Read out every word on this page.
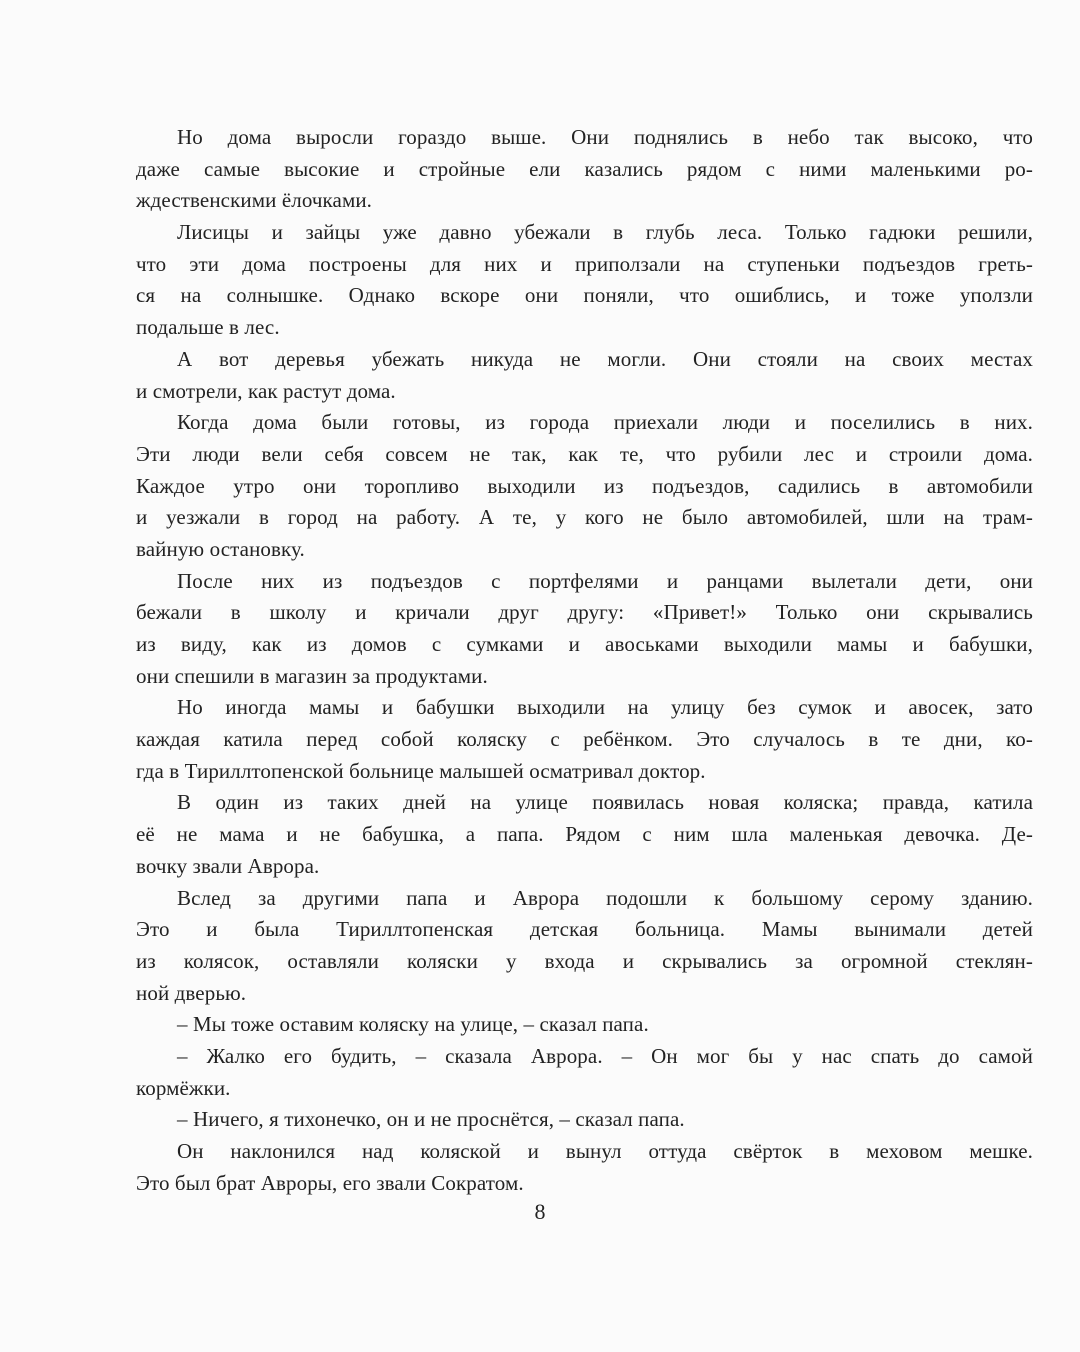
Но дома выросли гораздо выше. Они поднялись в небо так высоко, что
даже самые высокие и стройные ели казались рядом с ними маленькими ро-
ждественскими ёлочками.
Лисицы и зайцы уже давно убежали в глубь леса. Только гадюки решили,
что эти дома построены для них и приползали на ступеньки подъездов греть-
ся на солнышке. Однако вскоре они поняли, что ошиблись, и тоже уползли
подальше в лес.
А вот деревья убежать никуда не могли. Они стояли на своих местах
и смотрели, как растут дома.
Когда дома были готовы, из города приехали люди и поселились в них.
Эти люди вели себя совсем не так, как те, что рубили лес и строили дома.
Каждое утро они торопливо выходили из подъездов, садились в автомобили
и уезжали в город на работу. А те, у кого не было автомобилей, шли на трам-
вайную остановку.
После них из подъездов с портфелями и ранцами вылетали дети, они
бежали в школу и кричали друг другу: «Привет!» Только они скрывались
из виду, как из домов с сумками и авоськами выходили мамы и бабушки,
они спешили в магазин за продуктами.
Но иногда мамы и бабушки выходили на улицу без сумок и авосек, зато
каждая катила перед собой коляску с ребёнком. Это случалось в те дни, ко-
гда в Тириллтопенской больнице малышей осматривал доктор.
В один из таких дней на улице появилась новая коляска; правда, катила
её не мама и не бабушка, а папа. Рядом с ним шла маленькая девочка. Де-
вочку звали Аврора.
Вслед за другими папа и Аврора подошли к большому серому зданию.
Это и была Тириллтопенская детская больница. Мамы вынимали детей
из колясок, оставляли коляски у входа и скрывались за огромной стеклян-
ной дверью.
– Мы тоже оставим коляску на улице, – сказал папа.
– Жалко его будить, – сказала Аврора. – Он мог бы у нас спать до самой
кормёжки.
– Ничего, я тихонечко, он и не проснётся, – сказал папа.
Он наклонился над коляской и вынул оттуда свёрток в меховом мешке.
Это был брат Авроры, его звали Сократом.
8
